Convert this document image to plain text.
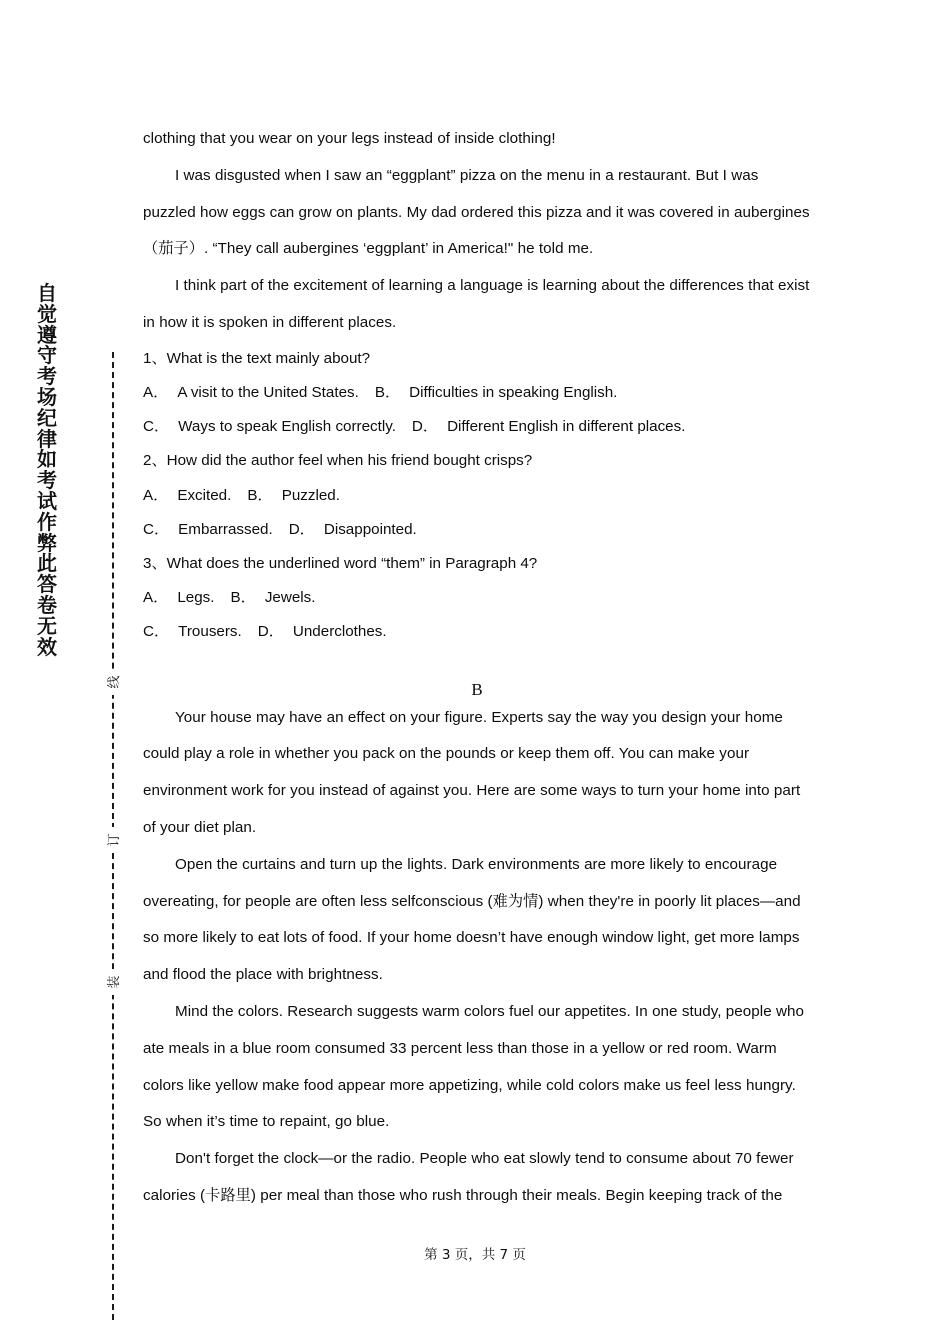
自觉遵守考场纪律如考试作弊此答卷无效
线
订
装

clothing that you wear on your legs instead of inside clothing!

I was disgusted when I saw an “eggplant” pizza on the menu in a restaurant. But I was puzzled how eggs can grow on plants. My dad ordered this pizza and it was covered in aubergines（茄子）. “They call aubergines ‘eggplant’ in America!" he told me.

I think part of the excitement of learning a language is learning about the differences that exist in how it is spoken in different places.

1、What is the text mainly about?

A． A visit to the United States. B． Difficulties in speaking English.

C． Ways to speak English correctly. D． Different English in different places.

2、How did the author feel when his friend bought crisps?

A． Excited. B． Puzzled.

C． Embarrassed. D． Disappointed.

3、What does the underlined word “them” in Paragraph 4?

A． Legs. B． Jewels.

C． Trousers. D． Underclothes.

B

Your house may have an effect on your figure. Experts say the way you design your home could play a role in whether you pack on the pounds or keep them off. You can make your environment work for you instead of against you. Here are some ways to turn your home into part of your diet plan.

Open the curtains and turn up the lights. Dark environments are more likely to encourage overeating, for people are often less selfconscious (难为情) when they're in poorly lit places—and so more likely to eat lots of food. If your home doesn’t have enough window light, get more lamps and flood the place with brightness.

Mind the colors. Research suggests warm colors fuel our appetites. In one study, people who ate meals in a blue room consumed 33 percent less than those in a yellow or red room. Warm colors like yellow make food appear more appetizing, while cold colors make us feel less hungry. So when it’s time to repaint, go blue.

Don't forget the clock—or the radio. People who eat slowly tend to consume about 70 fewer calories (卡路里) per meal than those who rush through their meals. Begin keeping track of the

第 3 页，共 7 页
